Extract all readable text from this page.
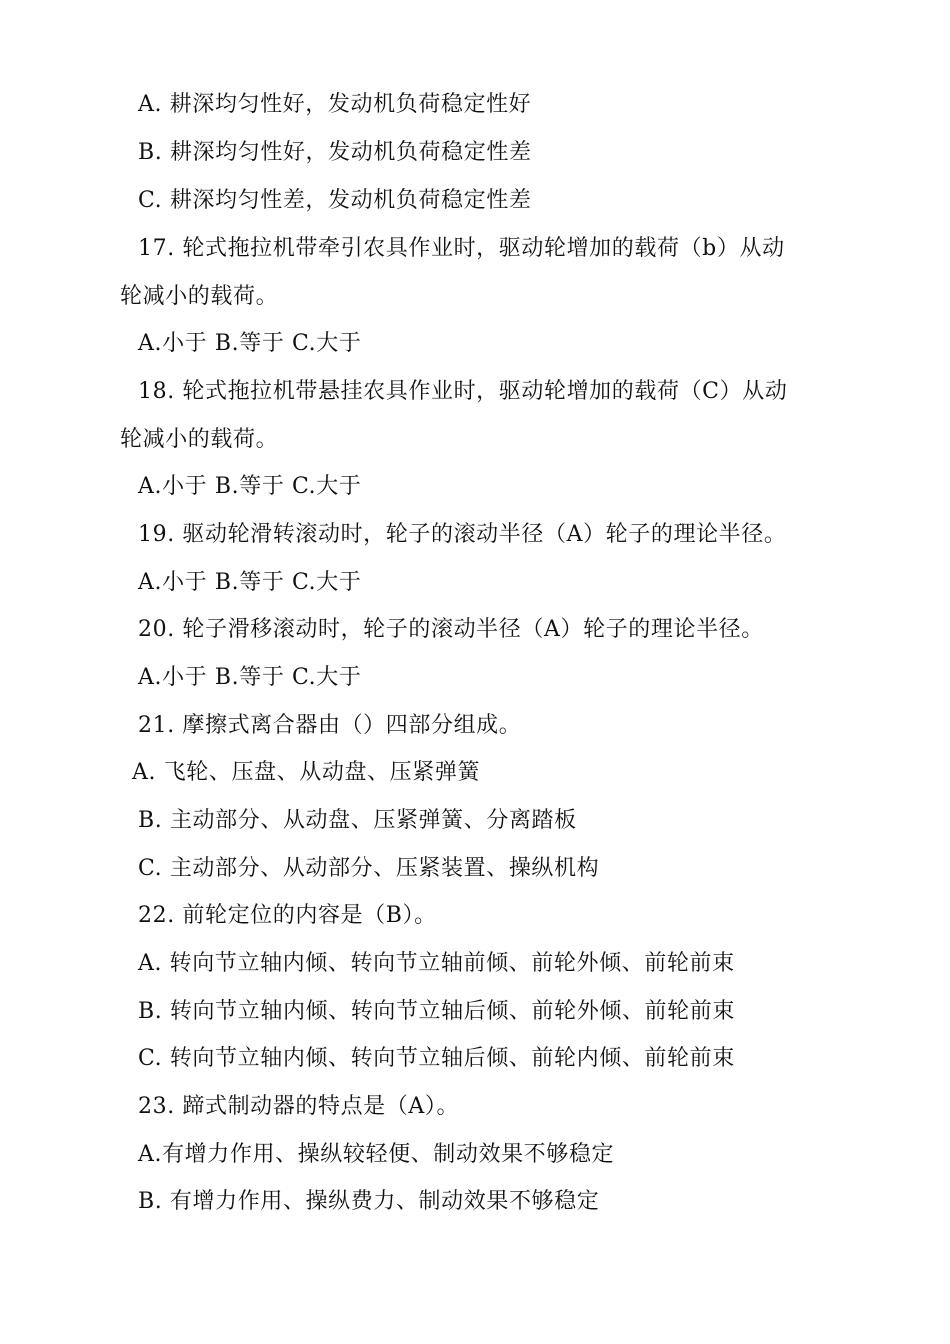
A. 耕深均匀性好，发动机负荷稳定性好
B. 耕深均匀性好，发动机负荷稳定性差
C. 耕深均匀性差，发动机负荷稳定性差
17. 轮式拖拉机带牵引农具作业时，驱动轮增加的载荷（b）从动
轮减小的载荷。
A.小于 B.等于 C.大于
18. 轮式拖拉机带悬挂农具作业时，驱动轮增加的载荷（C）从动
轮减小的载荷。
A.小于 B.等于 C.大于
19. 驱动轮滑转滚动时，轮子的滚动半径（A）轮子的理论半径。
A.小于 B.等于 C.大于
20. 轮子滑移滚动时，轮子的滚动半径（A）轮子的理论半径。
A.小于 B.等于 C.大于
21. 摩擦式离合器由（）四部分组成。
A. 飞轮、压盘、从动盘、压紧弹簧
B. 主动部分、从动盘、压紧弹簧、分离踏板
C. 主动部分、从动部分、压紧装置、操纵机构
22. 前轮定位的内容是（B）。
A. 转向节立轴内倾、转向节立轴前倾、前轮外倾、前轮前束
B. 转向节立轴内倾、转向节立轴后倾、前轮外倾、前轮前束
C. 转向节立轴内倾、转向节立轴后倾、前轮内倾、前轮前束
23. 蹄式制动器的特点是（A）。
A.有增力作用、操纵较轻便、制动效果不够稳定
B. 有增力作用、操纵费力、制动效果不够稳定
